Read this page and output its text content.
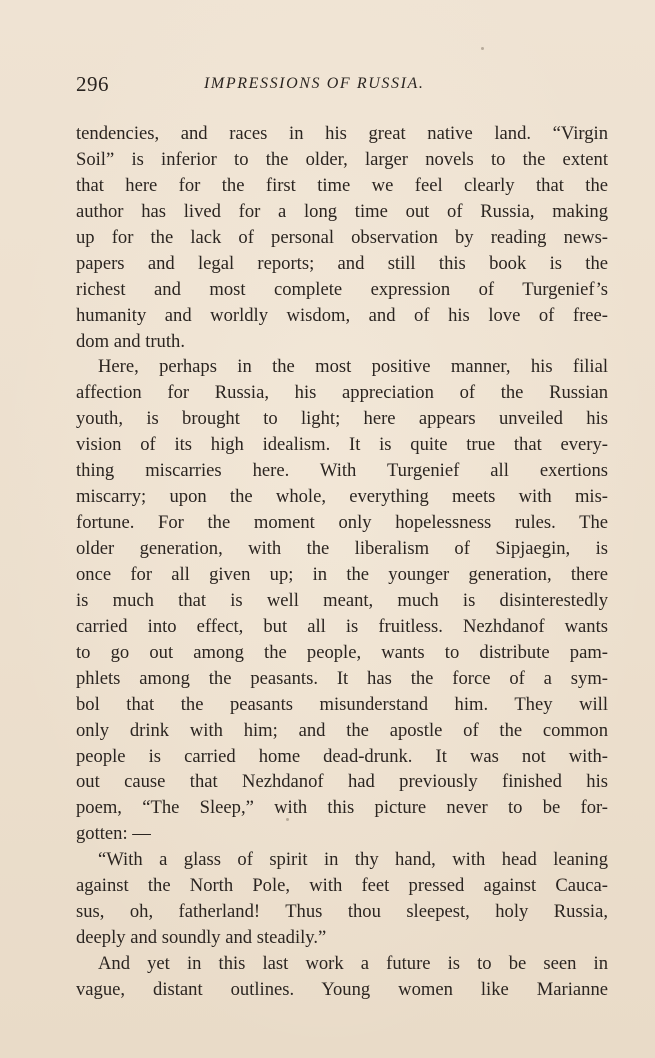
296	IMPRESSIONS OF RUSSIA.
tendencies, and races in his great native land. “Virgin
Soil” is inferior to the older, larger novels to the extent
that here for the first time we feel clearly that the
author has lived for a long time out of Russia, making
up for the lack of personal observation by reading news-
papers and legal reports; and still this book is the
richest and most complete expression of Turgenief’s
humanity and worldly wisdom, and of his love of free-
dom and truth.
Here, perhaps in the most positive manner, his filial
affection for Russia, his appreciation of the Russian
youth, is brought to light; here appears unveiled his
vision of its high idealism. It is quite true that every-
thing miscarries here. With Turgenief all exertions
miscarry; upon the whole, everything meets with mis-
fortune. For the moment only hopelessness rules. The
older generation, with the liberalism of Sipjaegin, is
once for all given up; in the younger generation, there
is much that is well meant, much is disinterestedly
carried into effect, but all is fruitless. Nezhdanof wants
to go out among the people, wants to distribute pam-
phlets among the peasants. It has the force of a sym-
bol that the peasants misunderstand him. They will
only drink with him; and the apostle of the common
people is carried home dead-drunk. It was not with-
out cause that Nezhdanof had previously finished his
poem, “The Sleep,” with this picture never to be for-
gotten: —
“With a glass of spirit in thy hand, with head leaning
against the North Pole, with feet pressed against Cauca-
sus, oh, fatherland! Thus thou sleepest, holy Russia,
deeply and soundly and steadily.”
And yet in this last work a future is to be seen in
vague, distant outlines. Young women like Marianne
